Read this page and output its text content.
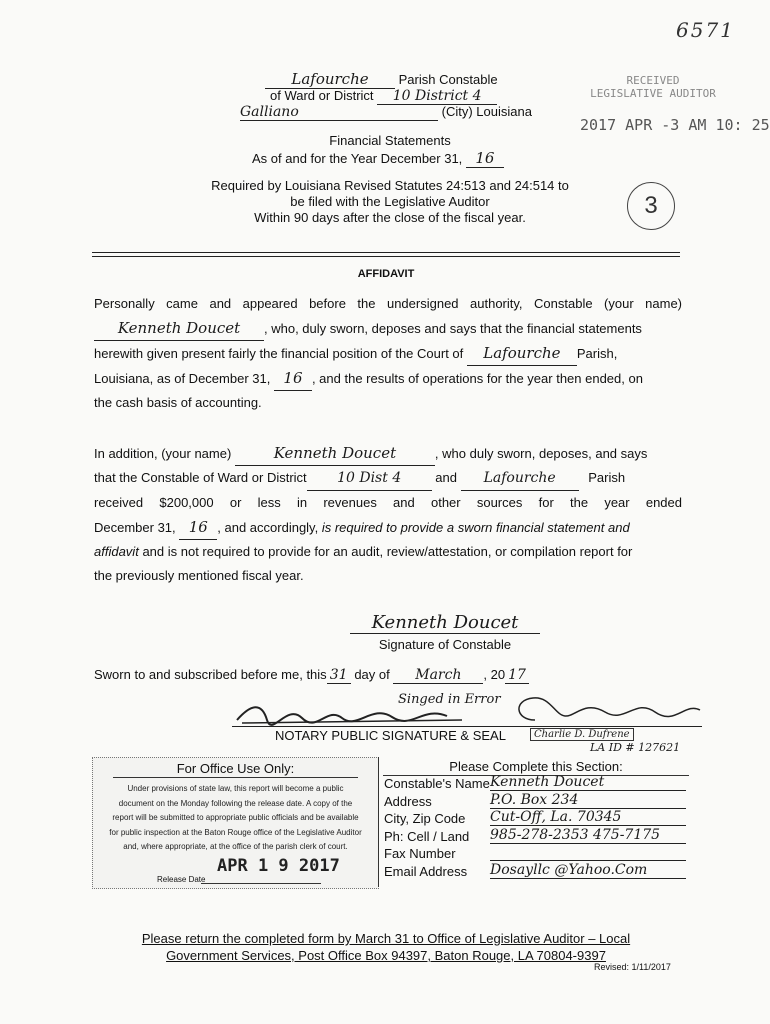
6571
RECEIVED
LEGISLATIVE AUDITOR
2017 APR -3 AM 10: 25
3
Lafourche Parish Constable
of Ward or District 10 District 4
Galliano	(City) Louisiana
Financial Statements
As of and for the Year December 31, 16
Required by Louisiana Revised Statutes 24:513 and 24:514 to
be filed with the Legislative Auditor
Within 90 days after the close of the fiscal year.
AFFIDAVIT
Personally came and appeared before the undersigned authority, Constable (your name)
Kenneth Doucet , who, duly sworn, deposes and says that the financial statements
herewith given present fairly the financial position of the Court of Lafourche Parish,
Louisiana, as of December 31, 16 , and the results of operations for the year then ended, on
the cash basis of accounting.
In addition, (your name)	Kenneth Doucet	, who duly sworn, deposes, and says
that the Constable of Ward or District 10 Dist 4	and Lafourche	Parish
received $200,000 or less in revenues and other sources for the year ended
December 31, 16 , and accordingly, is required to provide a sworn financial statement and
affidavit and is not required to provide for an audit, review/attestation, or compilation report for
the previously mentioned fiscal year.
Kenneth Doucet
Signature of Constable
Sworn to and subscribed before me, this 31 day of March , 20 17
Singed in Error
NOTARY PUBLIC SIGNATURE & SEAL	Charlie D. Dufrene
LA ID # 127621
For Office Use Only:
Under provisions of state law, this report will become a public
document on the Monday following the release date. A copy of the
report will be submitted to appropriate public officials and be available
for public inspection at the Baton Rouge office of the Legislative Auditor
and, where appropriate, at the office of the parish clerk of court.
Release Date
APR 1 9 2017
Please Complete this Section:
Constable's Name Kenneth Doucet
Address	P.O. Box 234
City, Zip Code Cut-Off, La. 70345
Ph: Cell / Land 985-278-2353 475-7175
Fax Number
Email Address Dosayllc @Yahoo.Com
Please return the completed form by March 31 to Office of Legislative Auditor – Local
Government Services, Post Office Box 94397, Baton Rouge, LA 70804-9397
Revised: 1/11/2017
